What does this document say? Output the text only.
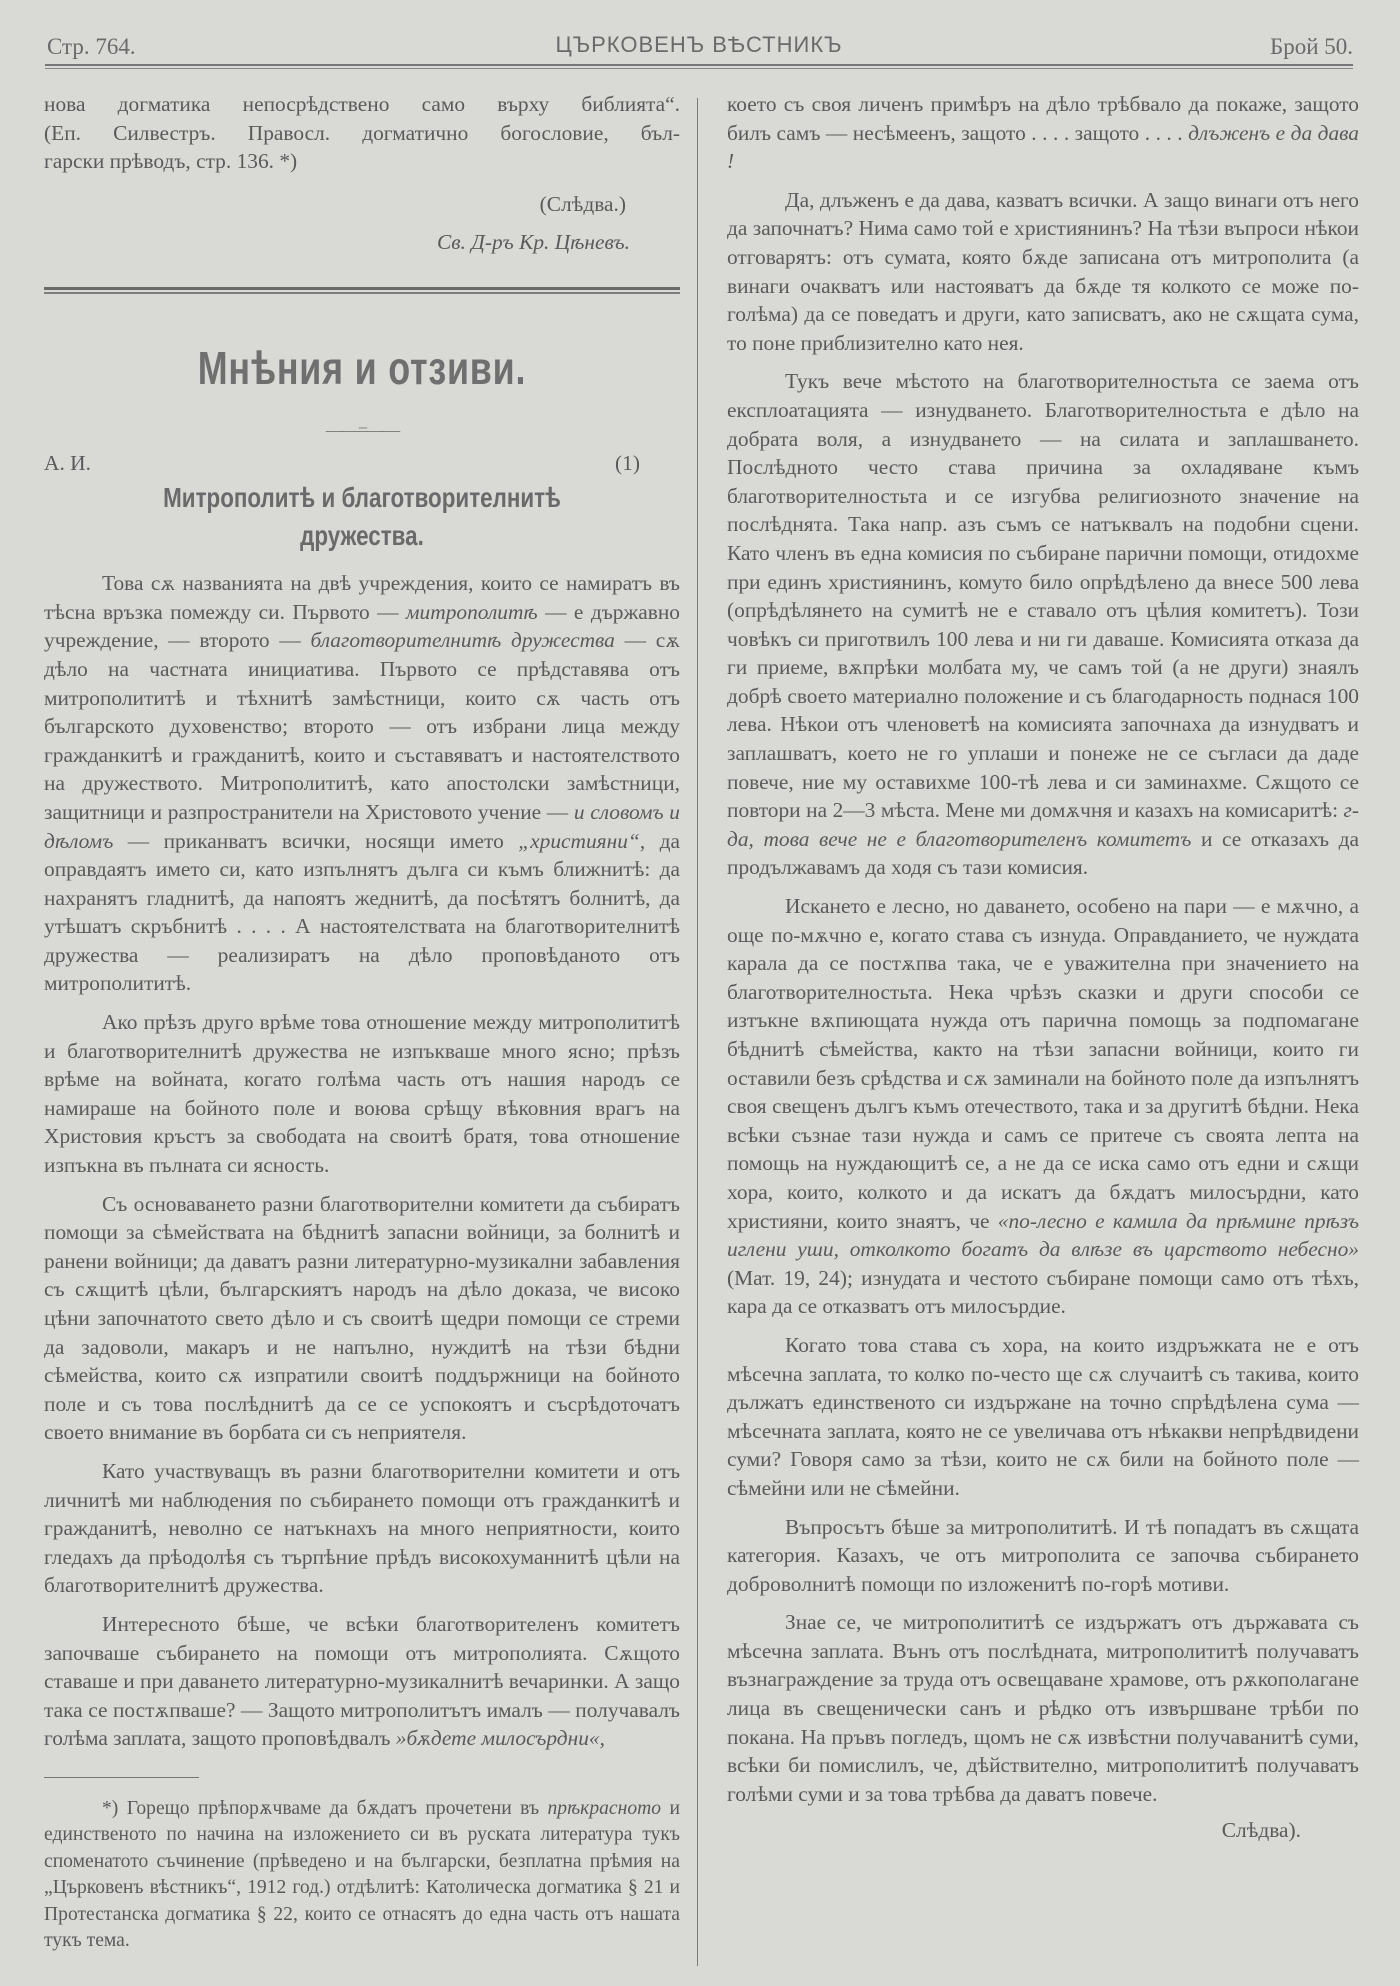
Стр. 764.	ЦЪРКОВЕНЪ ВѢСТНИКЪ	Брой 50.
нова догматика непосрѣдствено само върху библията“.
(Еп. Силвестръ. Правосл. догматично богословие, бъл-
гарски прѣводъ, стр. 136. *)

(Слѣдва.)

Св. Д-ръ Кр. Цѣневъ.

Мнѣния и отзиви.
——=——
А. И.	(1)
Митрополитѣ и благотворителнитѣ дружества.

Това сѫ названията на двѣ учреждения, които се намиратъ въ тѣсна връзка помежду си. Първото — митрополитѣ — е държавно учреждение, — второто — благотворителнитѣ дружества — сѫ дѣло на частната инициатива. Първото се прѣдставява отъ митрополититѣ и тѣхнитѣ замѣстници, които сѫ часть отъ българското духовенство; второто — отъ избрани лица между гражданкитѣ и гражданитѣ, които и съставяватъ и настоятелството на дружеството. Митрополититѣ, като апостолски замѣстници, защитници и разпространители на Христовото учение — и словомъ и дѣломъ — приканватъ всички, носящи името „християни“, да оправдаятъ името си, като изпълнятъ дълга си къмъ ближнитѣ: да нахранятъ гладнитѣ, да напоятъ жеднитѣ, да посѣтятъ болнитѣ, да утѣшатъ скръбнитѣ . . . . А настоятелствата на благотворителнитѣ дружества — реализиратъ на дѣло проповѣданото отъ митрополититѣ.

Ако прѣзъ друго врѣме това отношение между митрополититѣ и благотворителнитѣ дружества не изпъкваше много ясно; прѣзъ врѣме на войната, когато голѣма часть отъ нашия народъ се намираше на бойното поле и воюва срѣщу вѣковния врагъ на Христовия кръстъ за свободата на своитѣ братя, това отношение изпъкна въ пълната си ясность.

Съ основаването разни благотворителни комитети да събиратъ помощи за сѣмействата на бѣднитѣ запасни войници, за болнитѣ и ранени войници; да даватъ разни литературно-музикални забавления съ сѫщитѣ цѣли, българскиятъ народъ на дѣло доказа, че високо цѣни започнатото свето дѣло и съ своитѣ щедри помощи се стреми да задоволи, макаръ и не напълно, нуждитѣ на тѣзи бѣдни сѣмейства, които сѫ изпратили своитѣ поддържници на бойното поле и съ това послѣднитѣ да се се успокоятъ и съсрѣдоточатъ своето внимание въ борбата си съ неприятеля.

Като участвуващъ въ разни благотворителни комитети и отъ личнитѣ ми наблюдения по събирането помощи отъ гражданкитѣ и гражданитѣ, неволно се натъкнахъ на много неприятности, които гледахъ да прѣодолѣя съ търпѣние прѣдъ високохуманнитѣ цѣли на благотворителнитѣ дружества.

Интересното бѣше, че всѣки благотворителенъ комитетъ започваше събирането на помощи отъ митрополията. Сѫщото ставаше и при даването литературно-музикалнитѣ вечаринки. А защо така се постѫпваше? — Защото митрополитътъ ималъ — получавалъ голѣма заплата, защото проповѣдвалъ »бѫдете милосърдни«,

*) Горещо прѣпорѫчваме да бѫдатъ прочетени въ прѣкрасното и единственото по начина на изложението си въ руската литература тукъ споменатото съчинение (прѣведено и на български, безплатна прѣмия на „Църковенъ вѣстникъ“, 1912 год.) отдѣлитѣ: Католическа догматика § 21 и Протестанска догматика § 22, които се отнасятъ до една часть отъ нашата тукъ тема.

което съ своя личенъ примѣръ на дѣло трѣбвало да покаже, защото билъ самъ — несѣмеенъ, защото . . . . защото . . . . длъженъ е да дава !

Да, длъженъ е да дава, казватъ всички. А защо винаги отъ него да започнатъ? Нима само той е християнинъ? На тѣзи въпроси нѣкои отговарятъ: отъ сумата, която бѫде записана отъ митрополита (а винаги очакватъ или настояватъ да бѫде тя колкото се може по-голѣма) да се поведатъ и други, като записватъ, ако не сѫщата сума, то поне приблизително като нея.

Тукъ вече мѣстото на благотворителностьта се заема отъ експлоатацията — изнудването. Благотворителностьта е дѣло на добрата воля, а изнудването — на силата и заплашването. Послѣдното често става причина за охладяване къмъ благотворителностьта и се изгубва религиозното значение на послѣднята. Така напр. азъ съмъ се натъквалъ на подобни сцени. Като членъ въ една комисия по събиране парични помощи, отидохме при единъ християнинъ, комуто било опрѣдѣлено да внесе 500 лева (опрѣдѣлянето на сумитѣ не е ставало отъ цѣлия комитетъ). Този човѣкъ си приготвилъ 100 лева и ни ги даваше. Комисията отказа да ги приеме, вѫпрѣки молбата му, че самъ той (а не други) знаялъ добрѣ своето материално положение и съ благодарность поднася 100 лева. Нѣкои отъ членоветѣ на комисията започнаха да изнудватъ и заплашватъ, което не го уплаши и понеже не се съгласи да даде повече, ние му оставихме 100-тѣ лева и си заминахме. Сѫщото се повтори на 2—3 мѣста. Мене ми домѫчня и казахъ на комисаритѣ: г-да, това вече не е благотворителенъ комитетъ и се отказахъ да продължавамъ да ходя съ тази комисия.

Искането е лесно, но даването, особено на пари — е мѫчно, а още по-мѫчно е, когато става съ изнуда. Оправданието, че нуждата карала да се постѫпва така, че е уважителна при значението на благотворителностьта. Нека чрѣзъ сказки и други способи се изтъкне вѫпиющата нужда отъ парична помощь за подпомагане бѣднитѣ сѣмейства, както на тѣзи запасни войници, които ги оставили безъ срѣдства и сѫ заминали на бойното поле да изпълнятъ своя свещенъ дългъ къмъ отечеството, така и за другитѣ бѣдни. Нека всѣки съзнае тази нужда и самъ се притече съ своята лепта на помощь на нуждающитѣ се, а не да се иска само отъ едни и сѫщи хора, които, колкото и да искатъ да бѫдатъ милосърдни, като християни, които знаятъ, че «по-лесно е камила да прѣмине прѣзъ иглени уши, отколкото богатъ да влѣзе въ царството небесно» (Мат. 19, 24); изнудата и честото събиране помощи само отъ тѣхъ, кара да се отказватъ отъ милосърдие.

Когато това става съ хора, на които издръжката не е отъ мѣсечна заплата, то колко по-често ще сѫ случаитѣ съ такива, които дължатъ единственото си издържане на точно спрѣдѣлена сума — мѣсечната заплата, която не се увеличава отъ нѣкакви непрѣдвидени суми? Говоря само за тѣзи, които не сѫ били на бойното поле — сѣмейни или не сѣмейни.

Въпросътъ бѣше за митрополититѣ. И тѣ попадатъ въ сѫщата категория. Казахъ, че отъ митрополита се започва събирането доброволнитѣ помощи по изложенитѣ по-горѣ мотиви.

Знае се, че митрополититѣ се издържатъ отъ държавата съ мѣсечна заплата. Вънъ отъ послѣдната, митрополититѣ получаватъ възнаграждение за труда отъ освещаване храмове, отъ рѫкополагане лица въ свещенически санъ и рѣдко отъ извършване трѣби по покана. На пръвъ погледъ, щомъ не сѫ извѣстни получаванитѣ суми, всѣки би помислилъ, че, дѣйствително, митрополититѣ получаватъ голѣми суми и за това трѣбва да даватъ повече.

Слѣдва).
